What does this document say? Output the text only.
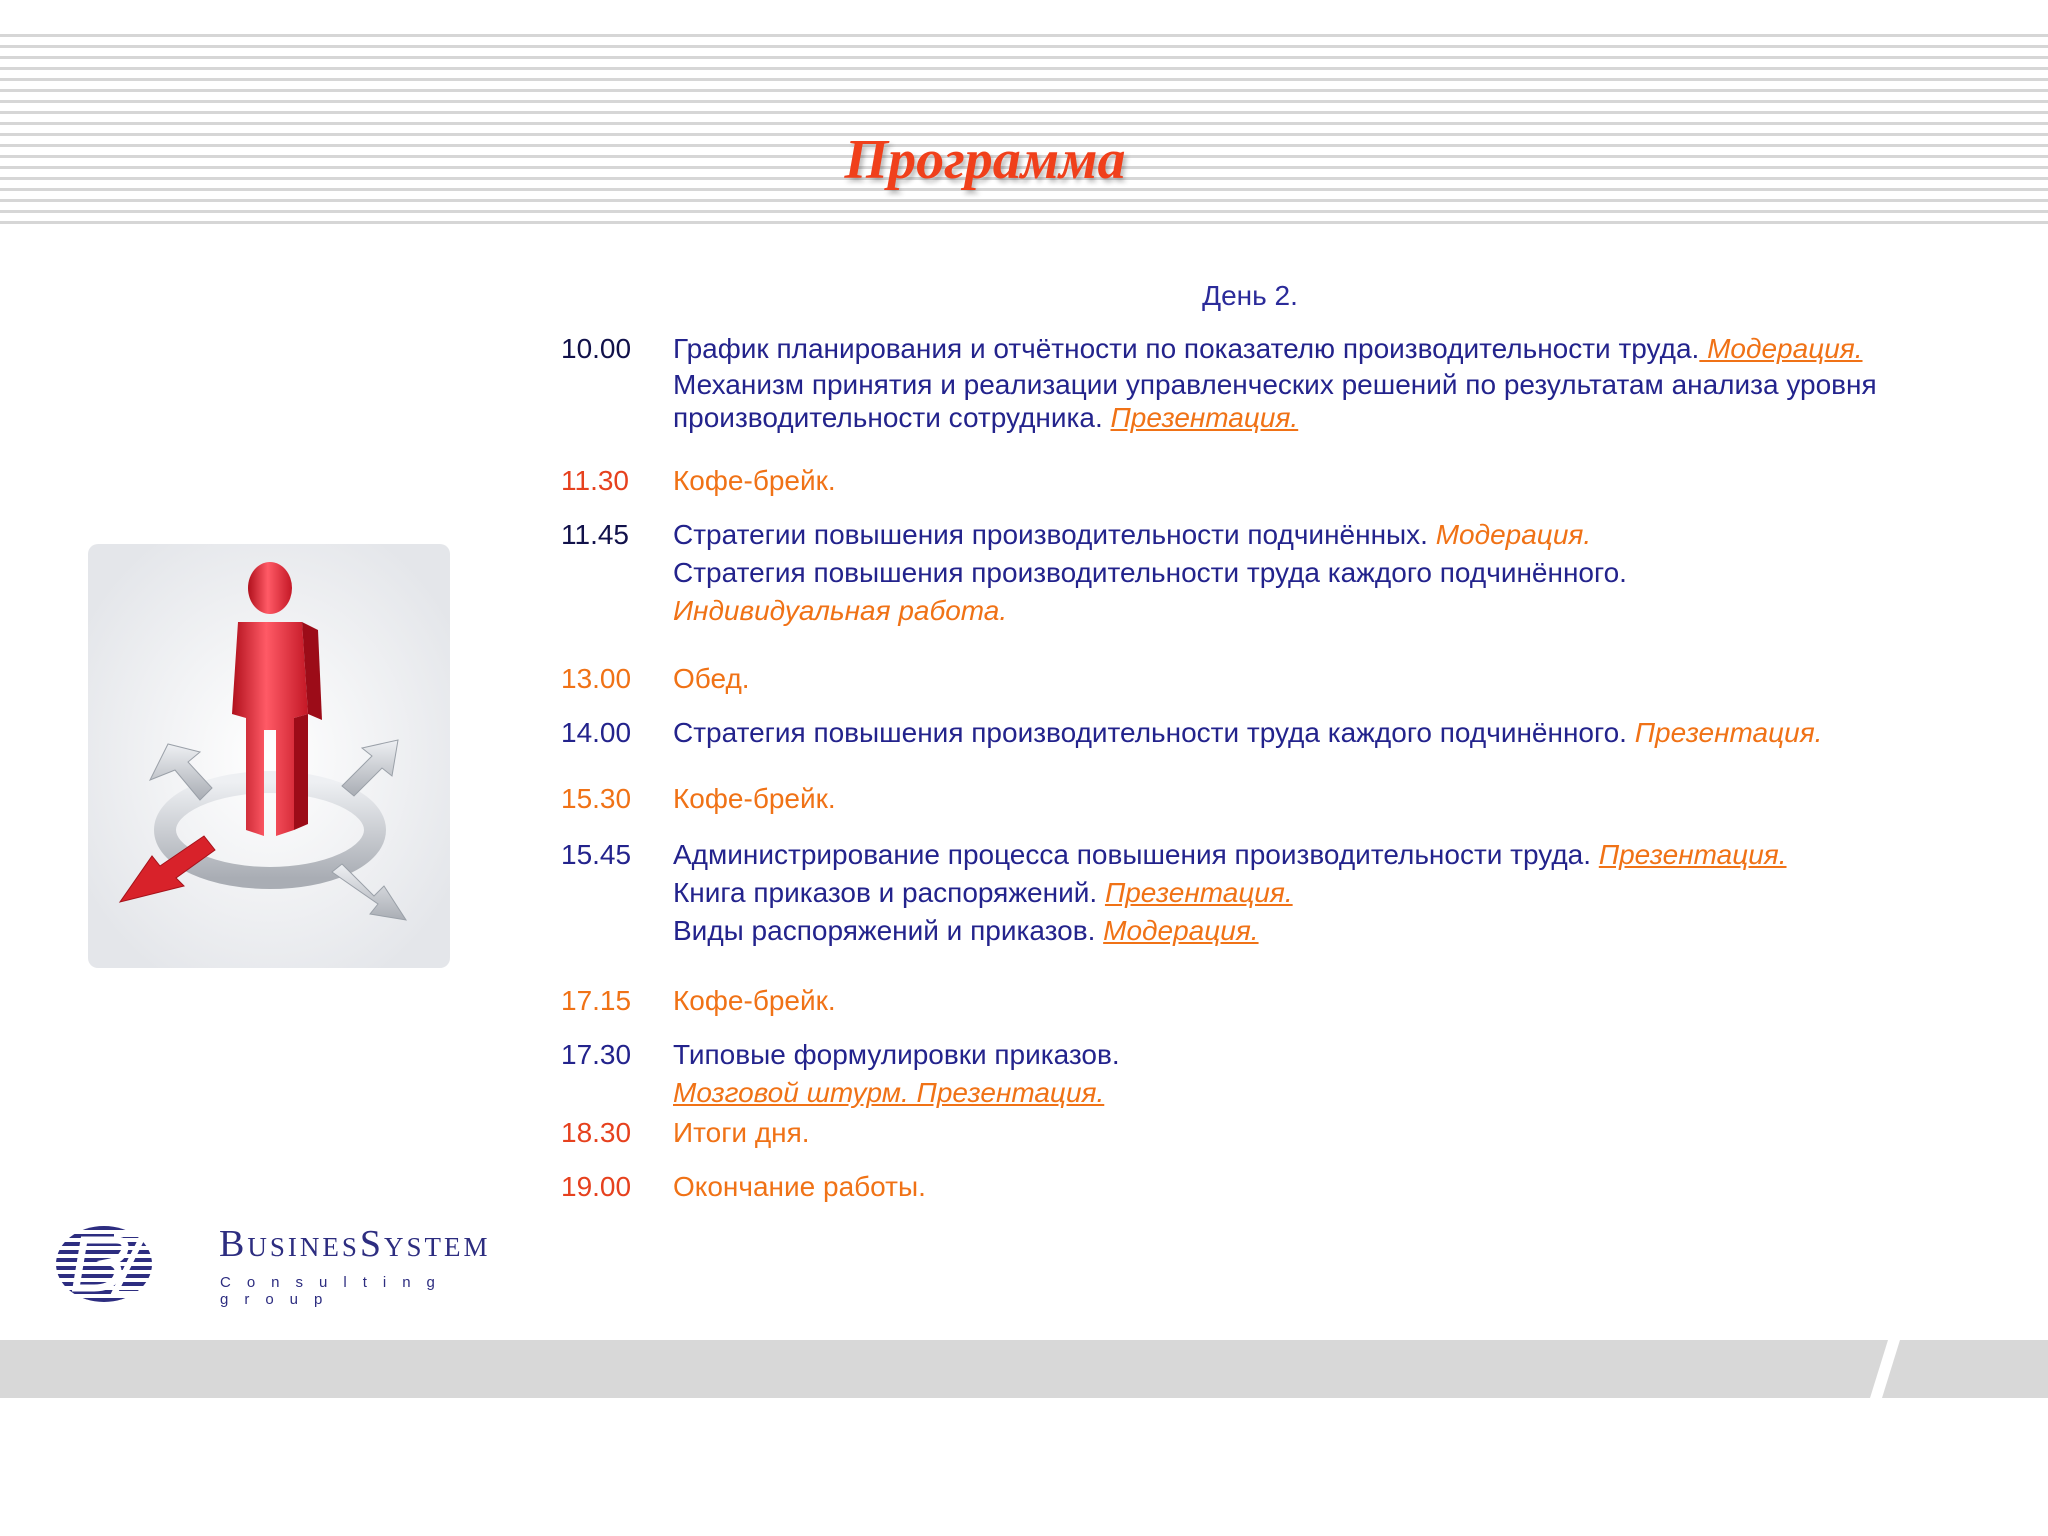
Программа

День 2.

10.00	График планирования и отчётности по показателю производительности труда. Модерация.

Механизм принятия и реализации управленческих решений по результатам анализа уровня

производительности сотрудника. Презентация.

11.30	Кофе-брейк.

11.45	Стратегии повышения производительности подчинённых. Модерация.

Стратегия повышения производительности труда каждого подчинённого.

Индивидуальная работа.

13.00	Обед.

14.00	Стратегия повышения производительности труда каждого подчинённого. Презентация.

15.30	Кофе-брейк.

15.45	Администрирование процесса повышения производительности труда. Презентация.

Книга приказов и распоряжений. Презентация.

Виды распоряжений и приказов. Модерация.

17.15	Кофе-брейк.

17.30	Типовые формулировки приказов.

Мозговой штурм. Презентация.

18.30	Итоги дня.

19.00	Окончание работы.

BusinesSystem

Consulting group
